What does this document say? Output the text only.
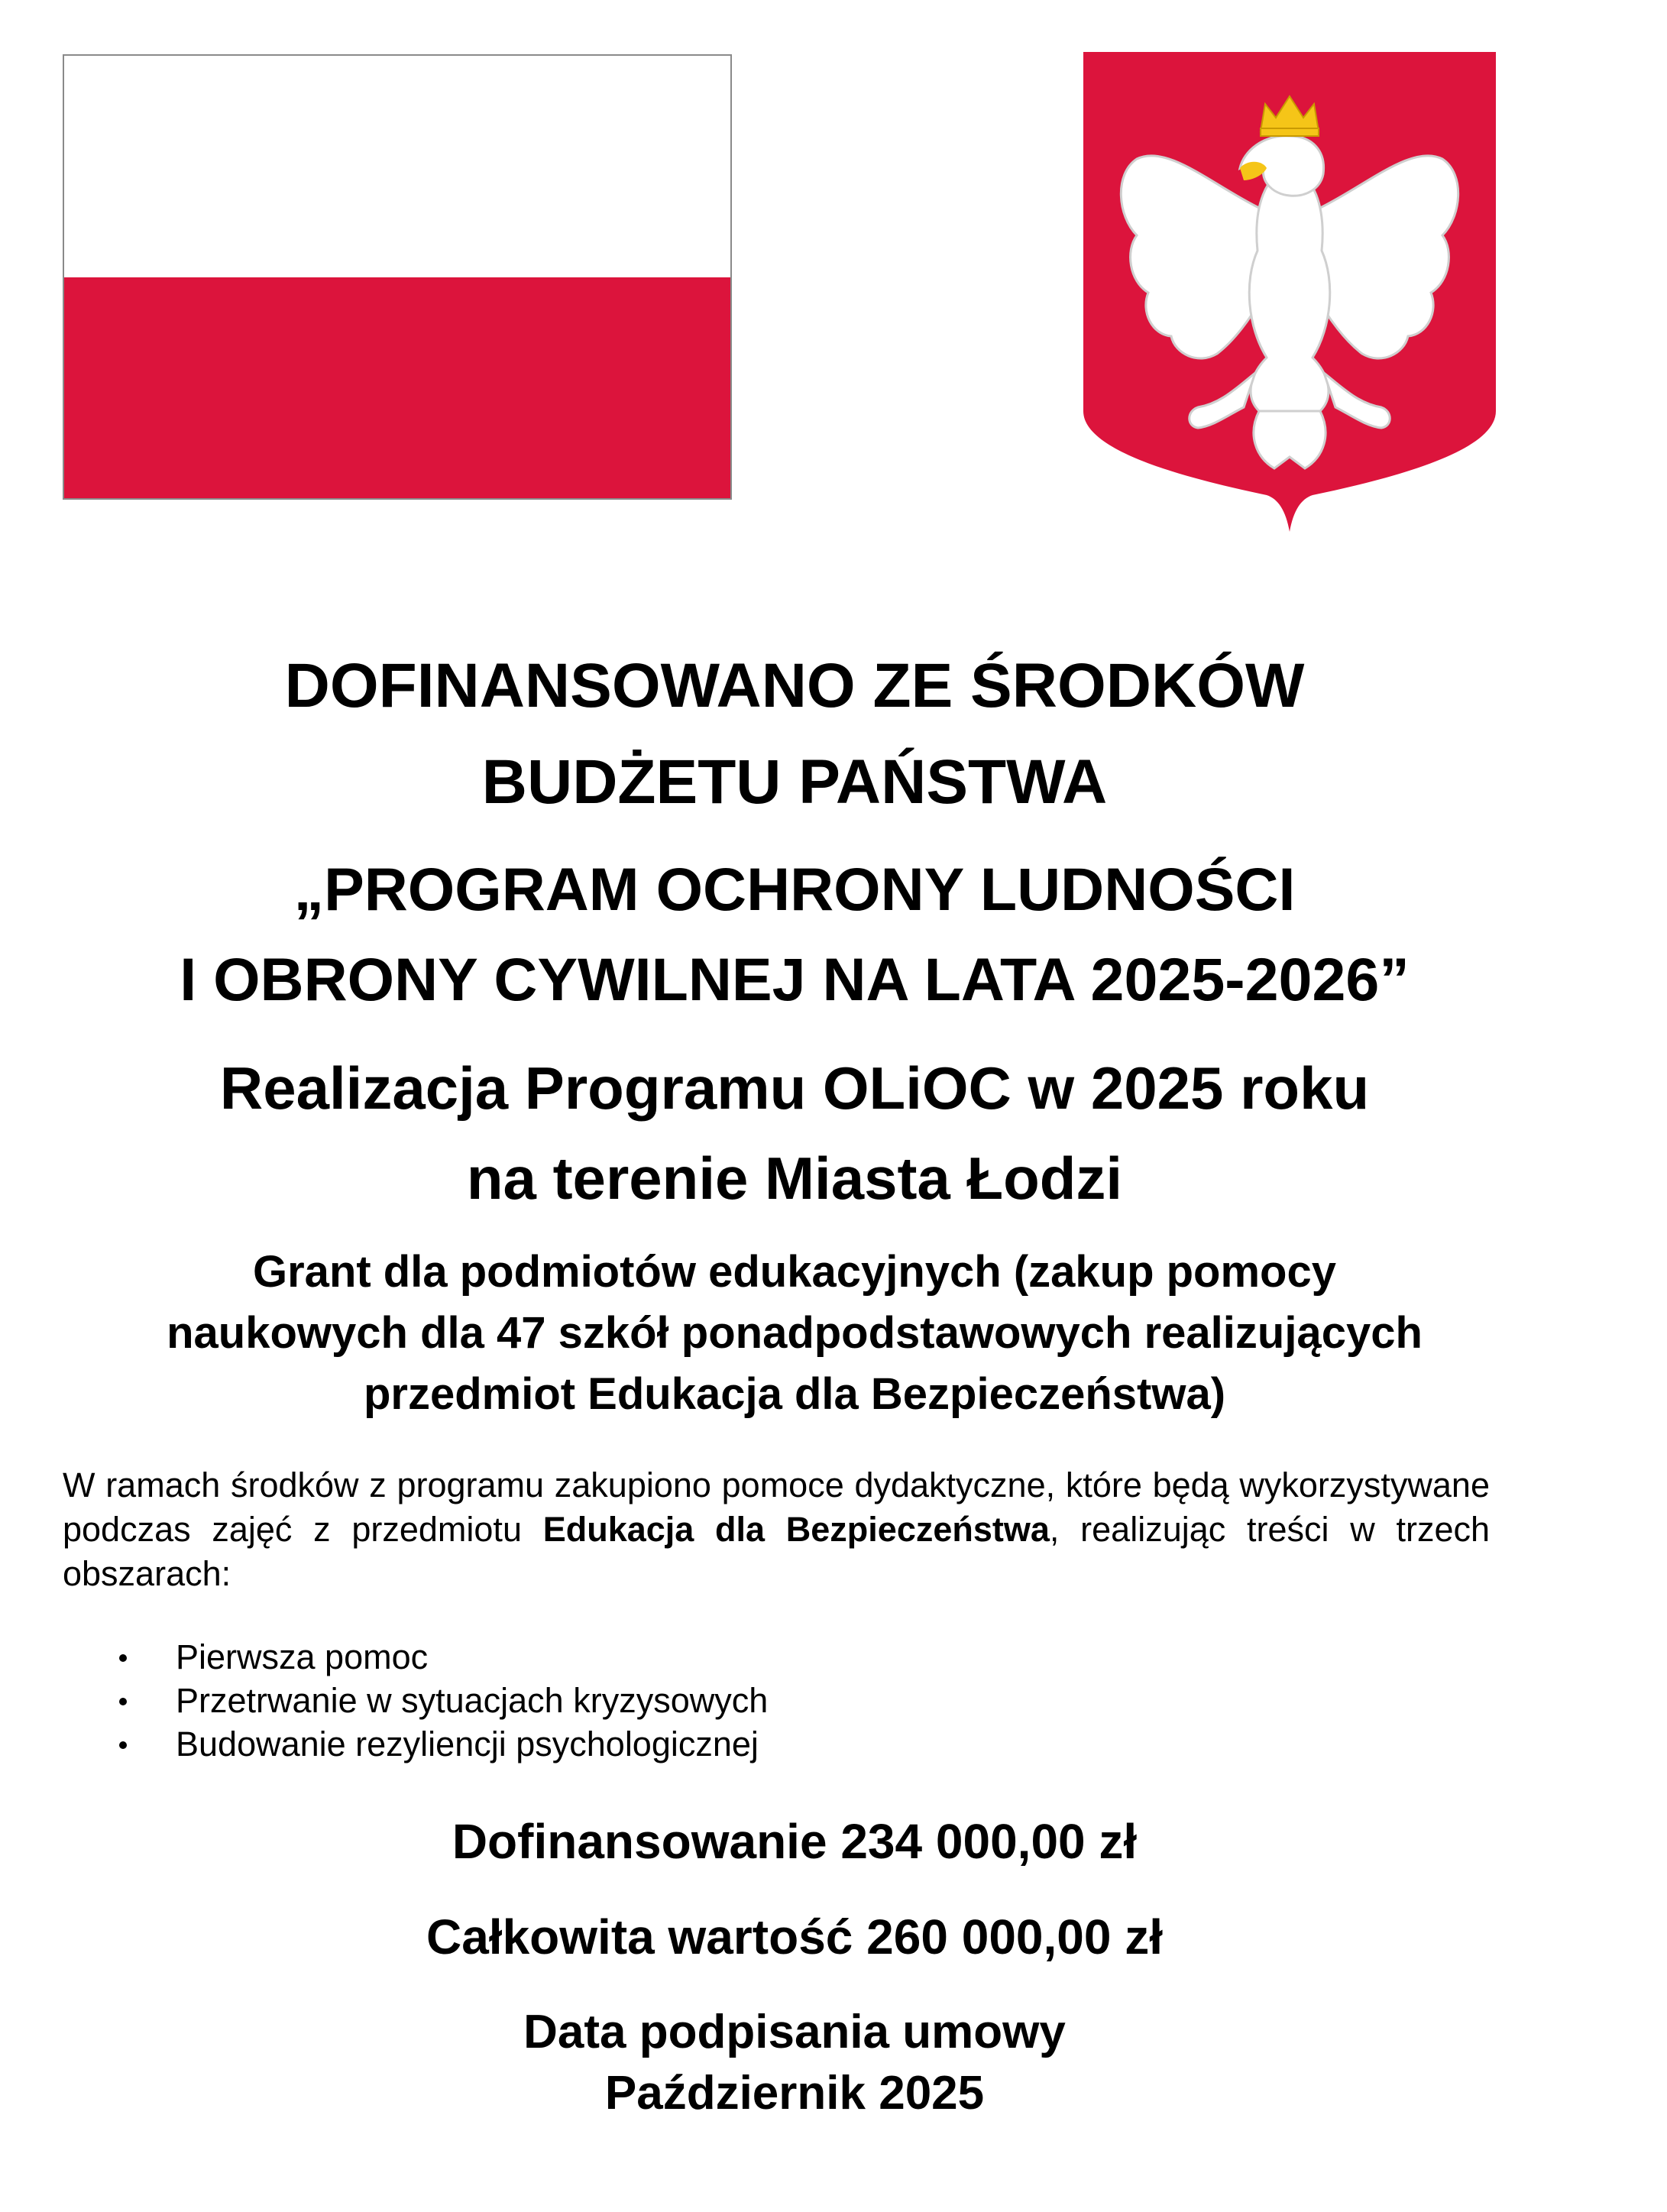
DOFINANSOWANO ZE ŚRODKÓW
BUDŻETU PAŃSTWA
„PROGRAM OCHRONY LUDNOŚCI
I OBRONY CYWILNEJ NA LATA 2025-2026”
Realizacja Programu OLiOC w 2025 roku
na terenie Miasta Łodzi
Grant dla podmiotów edukacyjnych (zakup pomocy
naukowych dla 47 szkół ponadpodstawowych realizujących
przedmiot Edukacja dla Bezpieczeństwa)
W ramach środków z programu zakupiono pomoce dydaktyczne, które będą wykorzystywane podczas zajęć z przedmiotu Edukacja dla Bezpieczeństwa, realizując treści w trzech obszarach:
Pierwsza pomoc
Przetrwanie w sytuacjach kryzysowych
Budowanie rezyliencji psychologicznej
Dofinansowanie 234 000,00 zł
Całkowita wartość 260 000,00 zł
Data podpisania umowy
Październik 2025
